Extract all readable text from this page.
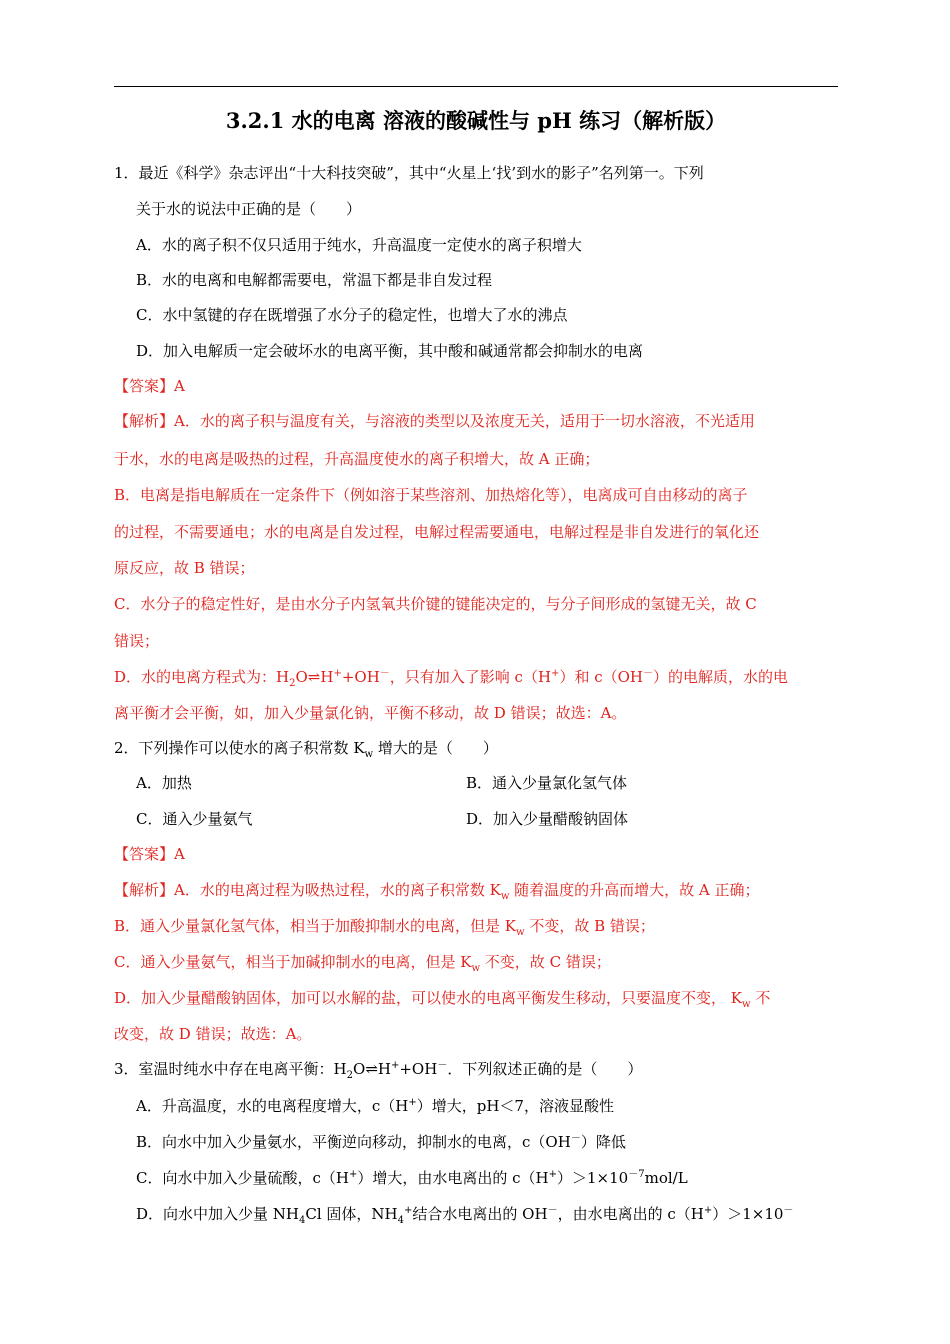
3.2.1 水的电离 溶液的酸碱性与 pH 练习（解析版）
1．最近《科学》杂志评出“十大科技突破”，其中“火星上‘找’到水的影子”名列第一。下列
关于水的说法中正确的是（　　）
A．水的离子积不仅只适用于纯水，升高温度一定使水的离子积增大
B．水的电离和电解都需要电，常温下都是非自发过程
C．水中氢键的存在既增强了水分子的稳定性，也增大了水的沸点
D．加入电解质一定会破坏水的电离平衡，其中酸和碱通常都会抑制水的电离
【答案】A
【解析】A．水的离子积与温度有关，与溶液的类型以及浓度无关，适用于一切水溶液，不光适用
于水，水的电离是吸热的过程，升高温度使水的离子积增大，故 A 正确；
B．电离是指电解质在一定条件下（例如溶于某些溶剂、加热熔化等），电离成可自由移动的离子
的过程，不需要通电；水的电离是自发过程，电解过程需要通电，电解过程是非自发进行的氧化还
原反应，故 B 错误；
C．水分子的稳定性好，是由水分子内氢氧共价键的键能决定的，与分子间形成的氢键无关，故 C
错误；
D．水的电离方程式为：$H_2O\rightleftharpoons H^++OH^-$，只有加入了影响 c（H+）和 c（OH－）的电解质，水的电
离平衡才会平衡，如，加入少量氯化钠，平衡不移动，故 D 错误；故选：A。
2．下列操作可以使水的离子积常数 $K_w$ 增大的是（　　）
A．加热	B．通入少量氯化氢气体
C．通入少量氨气	D．加入少量醋酸钠固体
【答案】A
【解析】A．水的电离过程为吸热过程，水的离子积常数 $K_w$ 随着温度的升高而增大，故 A 正确；
B．通入少量氯化氢气体，相当于加酸抑制水的电离，但是 $K_w$ 不变，故 B 错误；
C．通入少量氨气，相当于加碱抑制水的电离，但是 $K_w$ 不变，故 C 错误；
D．加入少量醋酸钠固体，加可以水解的盐，可以使水的电离平衡发生移动，只要温度不变， $K_w$ 不
改变，故 D 错误；故选：A。
3．室温时纯水中存在电离平衡：$H_2O\rightleftharpoons H^++OH^-$．下列叙述正确的是（　　）
A．升高温度，水的电离程度增大，c（H+）增大，pH＜7，溶液显酸性
B．向水中加入少量氨水，平衡逆向移动，抑制水的电离，c（OH－）降低
C．向水中加入少量硫酸，c（H+）增大，由水电离出的 $c(H^+)>1\times 10^{-7}mol/L$
D．向水中加入少量 $NH_4Cl$ 固体，$NH_4^+$结合水电离出的 OH－，由水电离出的 c（H+）＞1×10－
